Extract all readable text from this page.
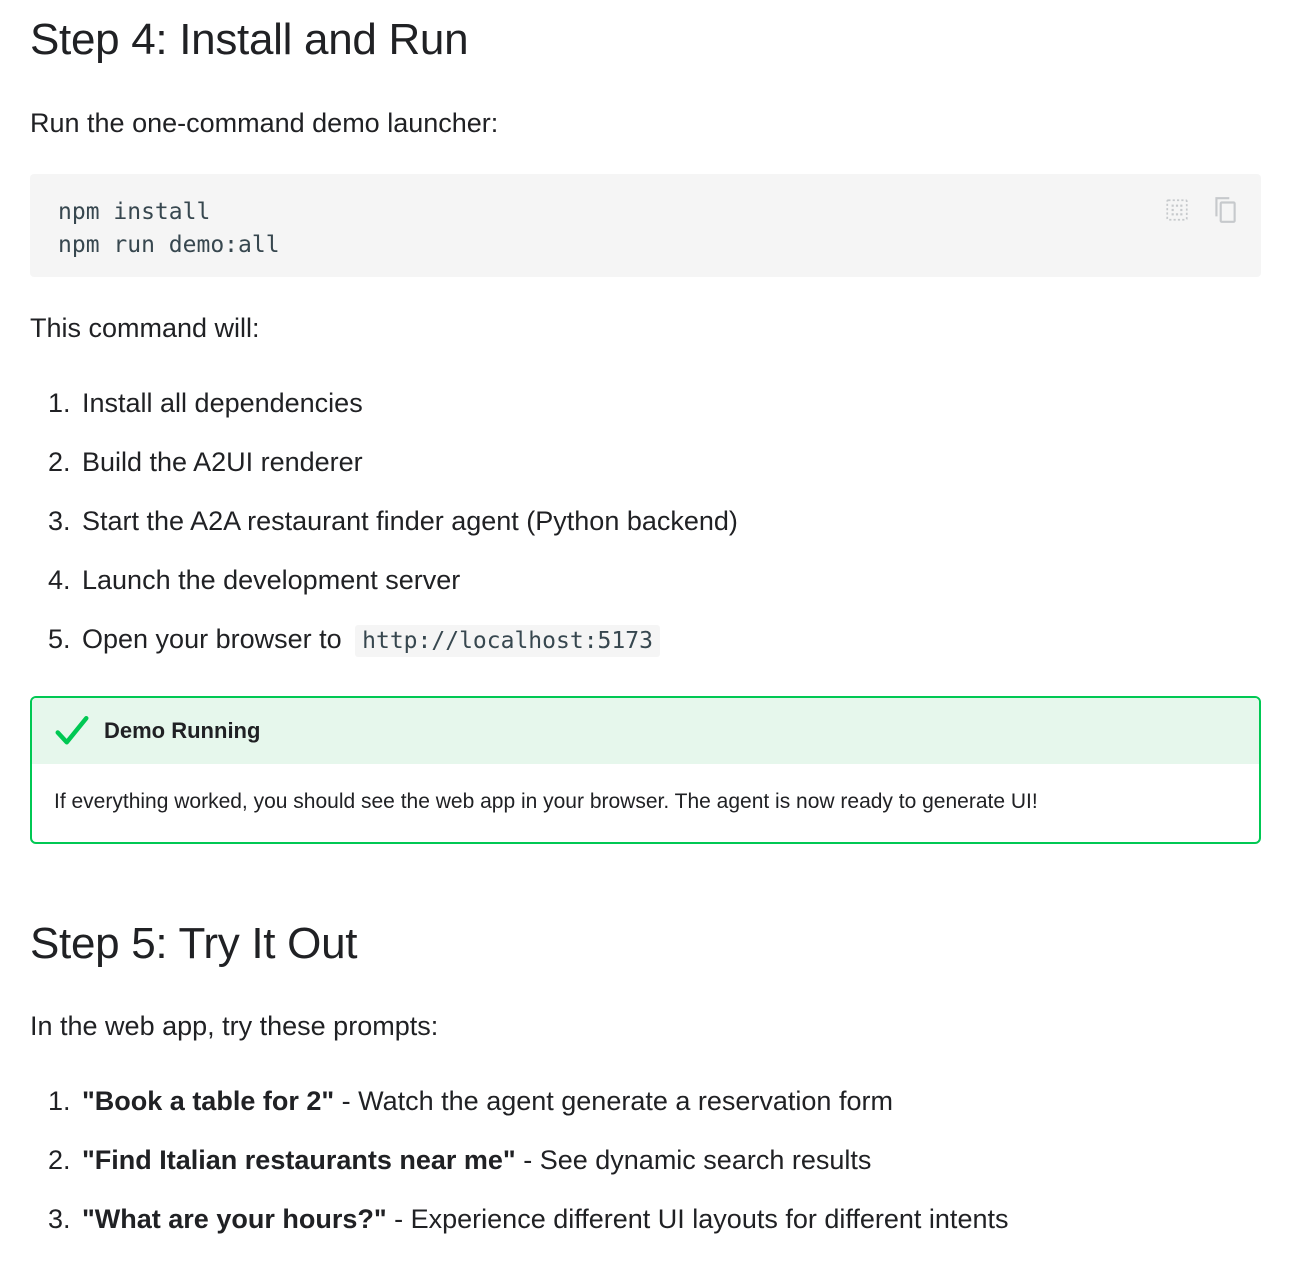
Step 4: Install and Run

Run the one-command demo launcher:

npm install
npm run demo:all

This command will:

1. Install all dependencies
2. Build the A2UI renderer
3. Start the A2A restaurant finder agent (Python backend)
4. Launch the development server
5. Open your browser to http://localhost:5173
Demo Running
If everything worked, you should see the web app in your browser. The agent is now ready to generate UI!
Step 5: Try It Out

In the web app, try these prompts:

1. "Book a table for 2" - Watch the agent generate a reservation form
2. "Find Italian restaurants near me" - See dynamic search results
3. "What are your hours?" - Experience different UI layouts for different intents
